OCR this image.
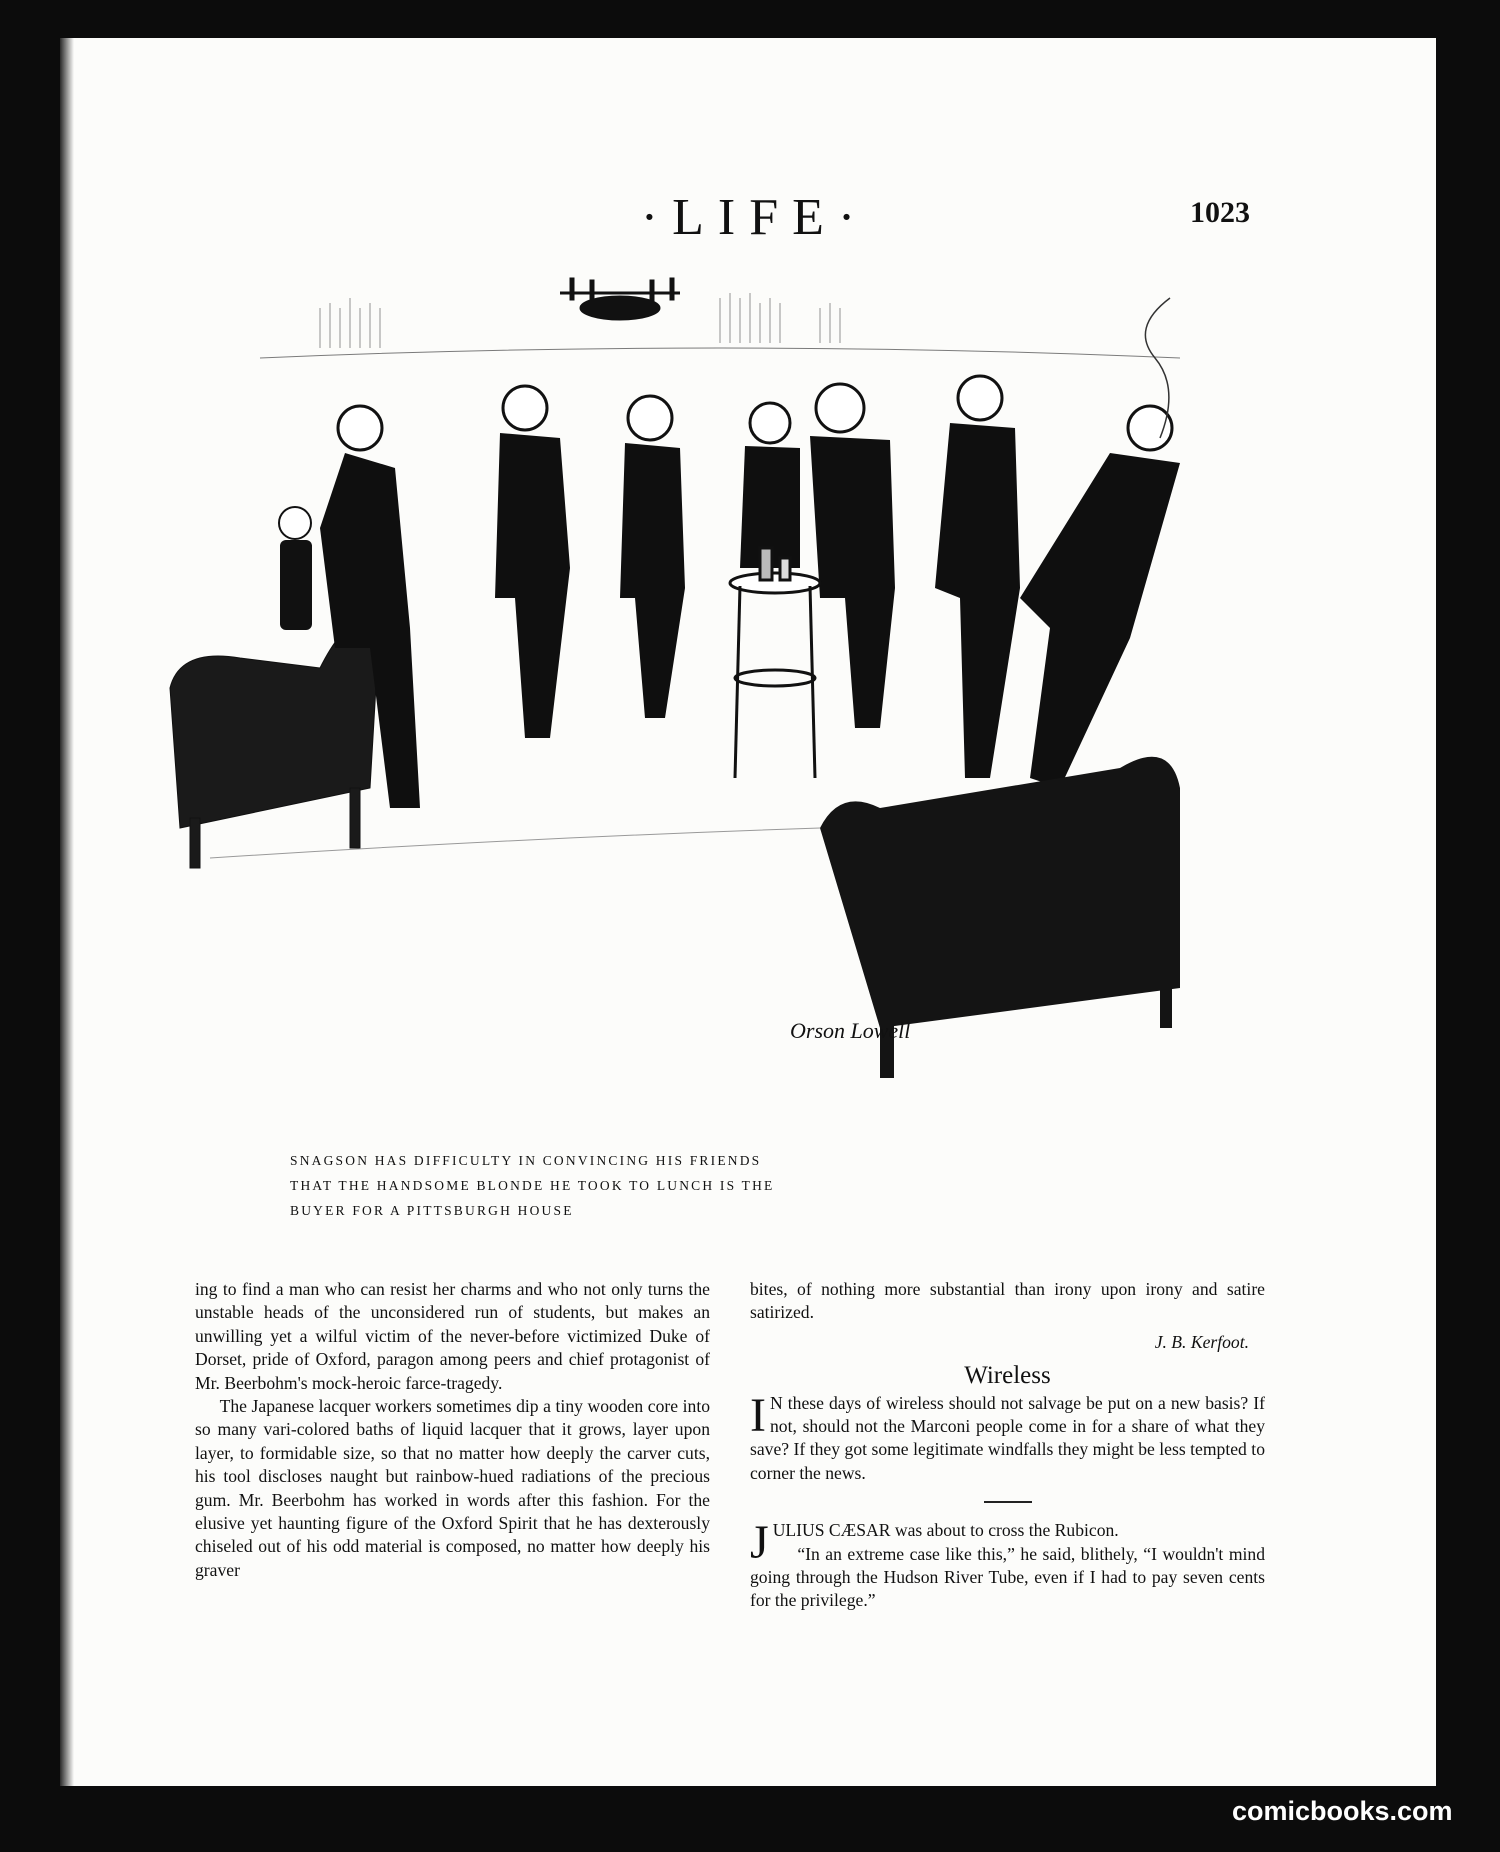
·LIFE·	1023
Orson Lowell
SNAGSON HAS DIFFICULTY IN CONVINCING HIS FRIENDS
THAT THE HANDSOME BLONDE HE TOOK TO LUNCH IS THE
BUYER FOR A PITTSBURGH HOUSE

ing to find a man who can resist her charms and who not only turns the unstable heads of the unconsidered run of students, but makes an unwilling yet a wilful victim of the never-before victimized Duke of Dorset, pride of Oxford, paragon among peers and chief protagonist of Mr. Beerbohm's mock-heroic farce-tragedy.

The Japanese lacquer workers sometimes dip a tiny wooden core into so many vari-colored baths of liquid lacquer that it grows, layer upon layer, to formidable size, so that no matter how deeply the carver cuts, his tool discloses naught but rainbow-hued radiations of the precious gum. Mr. Beerbohm has worked in words after this fashion. For the elusive yet haunting figure of the Oxford Spirit that he has dexterously chiseled out of his odd material is composed, no matter how deeply his graver

bites, of nothing more substantial than irony upon irony and satire satirized.

J. B. Kerfoot.

Wireless

I N these days of wireless should not salvage be put on a new basis? If not, should not the Marconi people come in for a share of what they save? If they got some legitimate windfalls they might be less tempted to corner the news.

JULIUS CÆSAR was about to cross the Rubicon.

“In an extreme case like this,” he said, blithely, “I wouldn't mind going through the Hudson River Tube, even if I had to pay seven cents for the privilege.”

comicbooks.com
